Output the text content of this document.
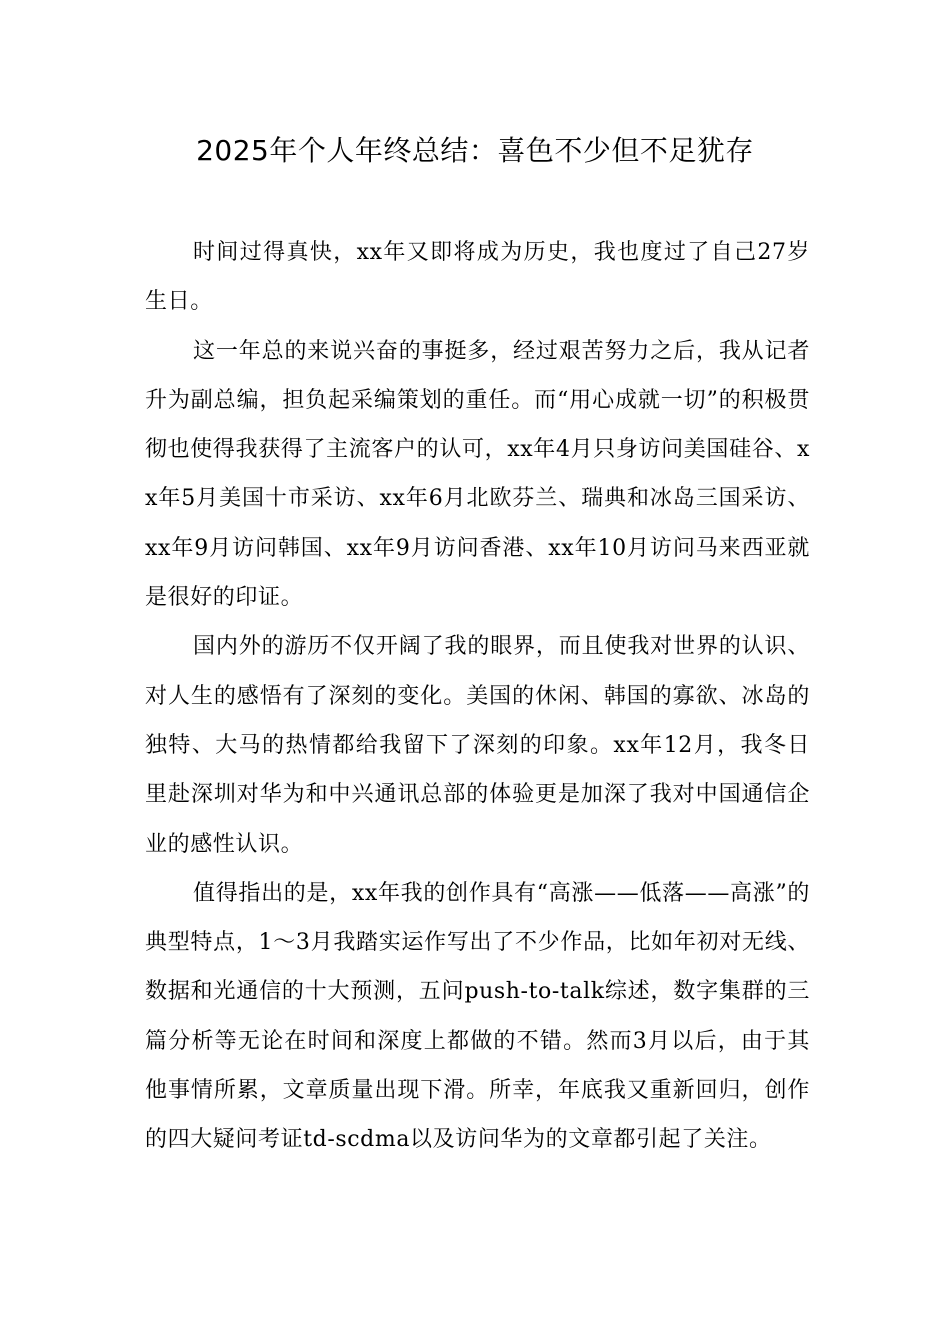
2025年个人年终总结：喜色不少但不足犹存

时间过得真快，xx年又即将成为历史，我也度过了自己27岁生日。

这一年总的来说兴奋的事挺多，经过艰苦努力之后，我从记者升为副总编，担负起采编策划的重任。而“用心成就一切”的积极贯彻也使得我获得了主流客户的认可，xx年4月只身访问美国硅谷、xx年5月美国十市采访、xx年6月北欧芬兰、瑞典和冰岛三国采访、xx年9月访问韩国、xx年9月访问香港、xx年10月访问马来西亚就是很好的印证。

国内外的游历不仅开阔了我的眼界，而且使我对世界的认识、对人生的感悟有了深刻的变化。美国的休闲、韩国的寡欲、冰岛的独特、大马的热情都给我留下了深刻的印象。xx年12月，我冬日里赴深圳对华为和中兴通讯总部的体验更是加深了我对中国通信企业的感性认识。

值得指出的是，xx年我的创作具有“高涨——低落——高涨”的典型特点，1～3月我踏实运作写出了不少作品，比如年初对无线、数据和光通信的十大预测，五问push-to-talk综述，数字集群的三篇分析等无论在时间和深度上都做的不错。然而3月以后，由于其他事情所累，文章质量出现下滑。所幸，年底我又重新回归，创作的四大疑问考证td-scdma以及访问华为的文章都引起了关注。
